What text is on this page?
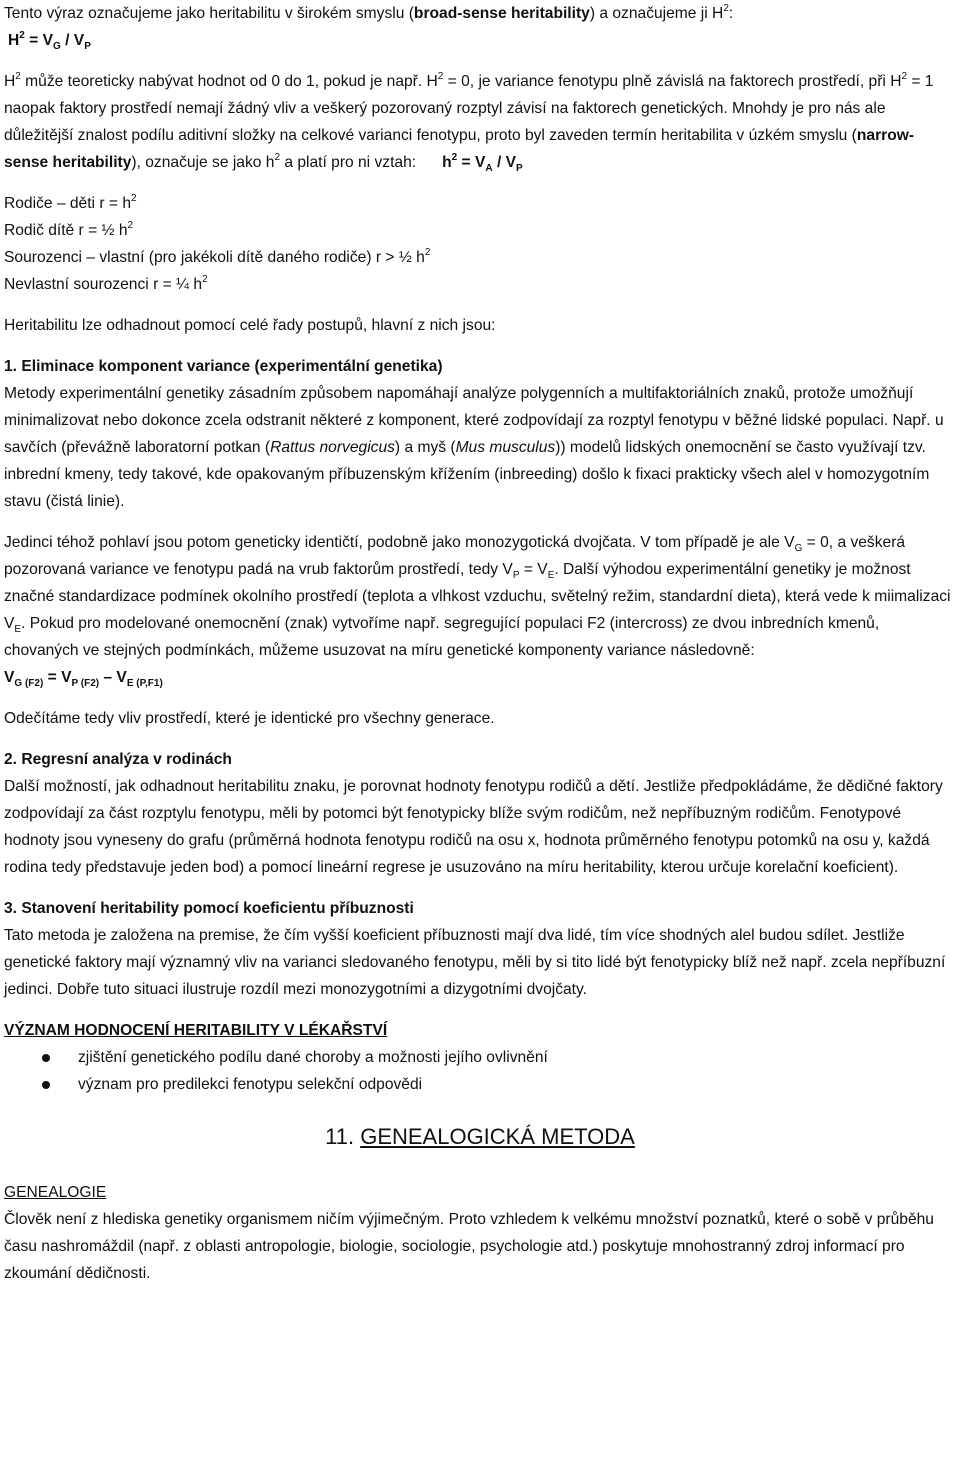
Tento výraz označujeme jako heritabilitu v širokém smyslu (broad-sense heritability) a označujeme ji $H^2$:

$H^2 = V_G / V_P$

$H^2$ může teoreticky nabývat hodnot od 0 do 1, pokud je např. $H^2 = 0$, je variance fenotypu plně závislá na faktorech prostředí, při $H^2 = 1$ naopak faktory prostředí nemají žádný vliv a veškerý pozorovaný rozptyl závisí na faktorech genetických. Mnohdy je pro nás ale důležitější znalost podílu aditivní složky na celkové varianci fenotypu, proto byl zaveden termín heritabilita v úzkém smyslu (narrow-sense heritability), označuje se jako $h^2$ a platí pro ni vztah:      $h^2 = V_A / V_P$

Rodiče – děti $r = h^2$

Rodič dítě r = ½ $h^2$

Sourozenci – vlastní (pro jakékoli dítě daného rodiče) r > ½ $h^2$

Nevlastní sourozenci r = ¼ $h^2$

Heritabilitu lze odhadnout pomocí celé řady postupů, hlavní z nich jsou:

1. Eliminace komponent variance (experimentální genetika)

Metody experimentální genetiky zásadním způsobem napomáhají analýze polygenních a multifaktoriálních znaků, protože umožňují minimalizovat nebo dokonce zcela odstranit některé z komponent, které zodpovídají za rozptyl fenotypu v běžné lidské populaci. Např. u savčích (převážně laboratorní potkan (Rattus norvegicus) a myš (Mus musculus)) modelů lidských onemocnění se často využívají tzv. inbrední kmeny, tedy takové, kde opakovaným příbuzenským křížením (inbreeding) došlo k fixaci prakticky všech alel v homozygotním stavu (čistá linie).

Jedinci téhož pohlaví jsou potom geneticky identičtí, podobně jako monozygotická dvojčata. V tom případě je ale $V_G = 0$, a veškerá pozorovaná variance ve fenotypu padá na vrub faktorům prostředí, tedy $V_P = V_E$. Další výhodou experimentální genetiky je možnost značné standardizace podmínek okolního prostředí (teplota a vlhkost vzduchu, světelný režim, standardní dieta), která vede k miimalizaci $V_E$. Pokud pro modelované onemocnění (znak) vytvoříme např. segregující populaci F2 (intercross) ze dvou inbredních kmenů, chovaných ve stejných podmínkách, můžeme usuzovat na míru genetické komponenty variance následovně:

$V_{G (F2)} = V_{P (F2)} - V_{E (P,F1)}$

Odečítáme tedy vliv prostředí, které je identické pro všechny generace.

2. Regresní analýza v rodinách

Další možností, jak odhadnout heritabilitu znaku, je porovnat hodnoty fenotypu rodičů a dětí. Jestliže předpokládáme, že dědičné faktory zodpovídají za část rozptylu fenotypu, měli by potomci být fenotypicky blíže svým rodičům, než nepříbuzným rodičům. Fenotypové hodnoty jsou vyneseny do grafu (průměrná hodnota fenotypu rodičů na osu x, hodnota průměrného fenotypu potomků na osu y, každá rodina tedy představuje jeden bod) a pomocí lineární regrese je usuzováno na míru heritability, kterou určuje korelační koeficient).

3. Stanovení heritability pomocí koeficientu příbuznosti

Tato metoda je založena na premise, že čím vyšší koeficient příbuznosti mají dva lidé, tím více shodných alel budou sdílet. Jestliže genetické faktory mají významný vliv na varianci sledovaného fenotypu, měli by si tito lidé být fenotypicky blíž než např. zcela nepříbuzní jedinci. Dobře tuto situaci ilustruje rozdíl mezi monozygotními a dizygotními dvojčaty.

VÝZNAM HODNOCENÍ HERITABILITY V LÉKAŘSTVÍ

zjištění genetického podílu dané choroby a možnosti jejího ovlivnění
význam pro predilekci fenotypu selekční odpovědi

11. GENEALOGICKÁ METODA

GENEALOGIE

Člověk není z hlediska genetiky organismem ničím výjimečným. Proto vzhledem k velkému množství poznatků, které o sobě v průběhu času nashromáždil (např. z oblasti antropologie, biologie, sociologie, psychologie atd.) poskytuje mnohostranný zdroj informací pro zkoumání dědičnosti.
